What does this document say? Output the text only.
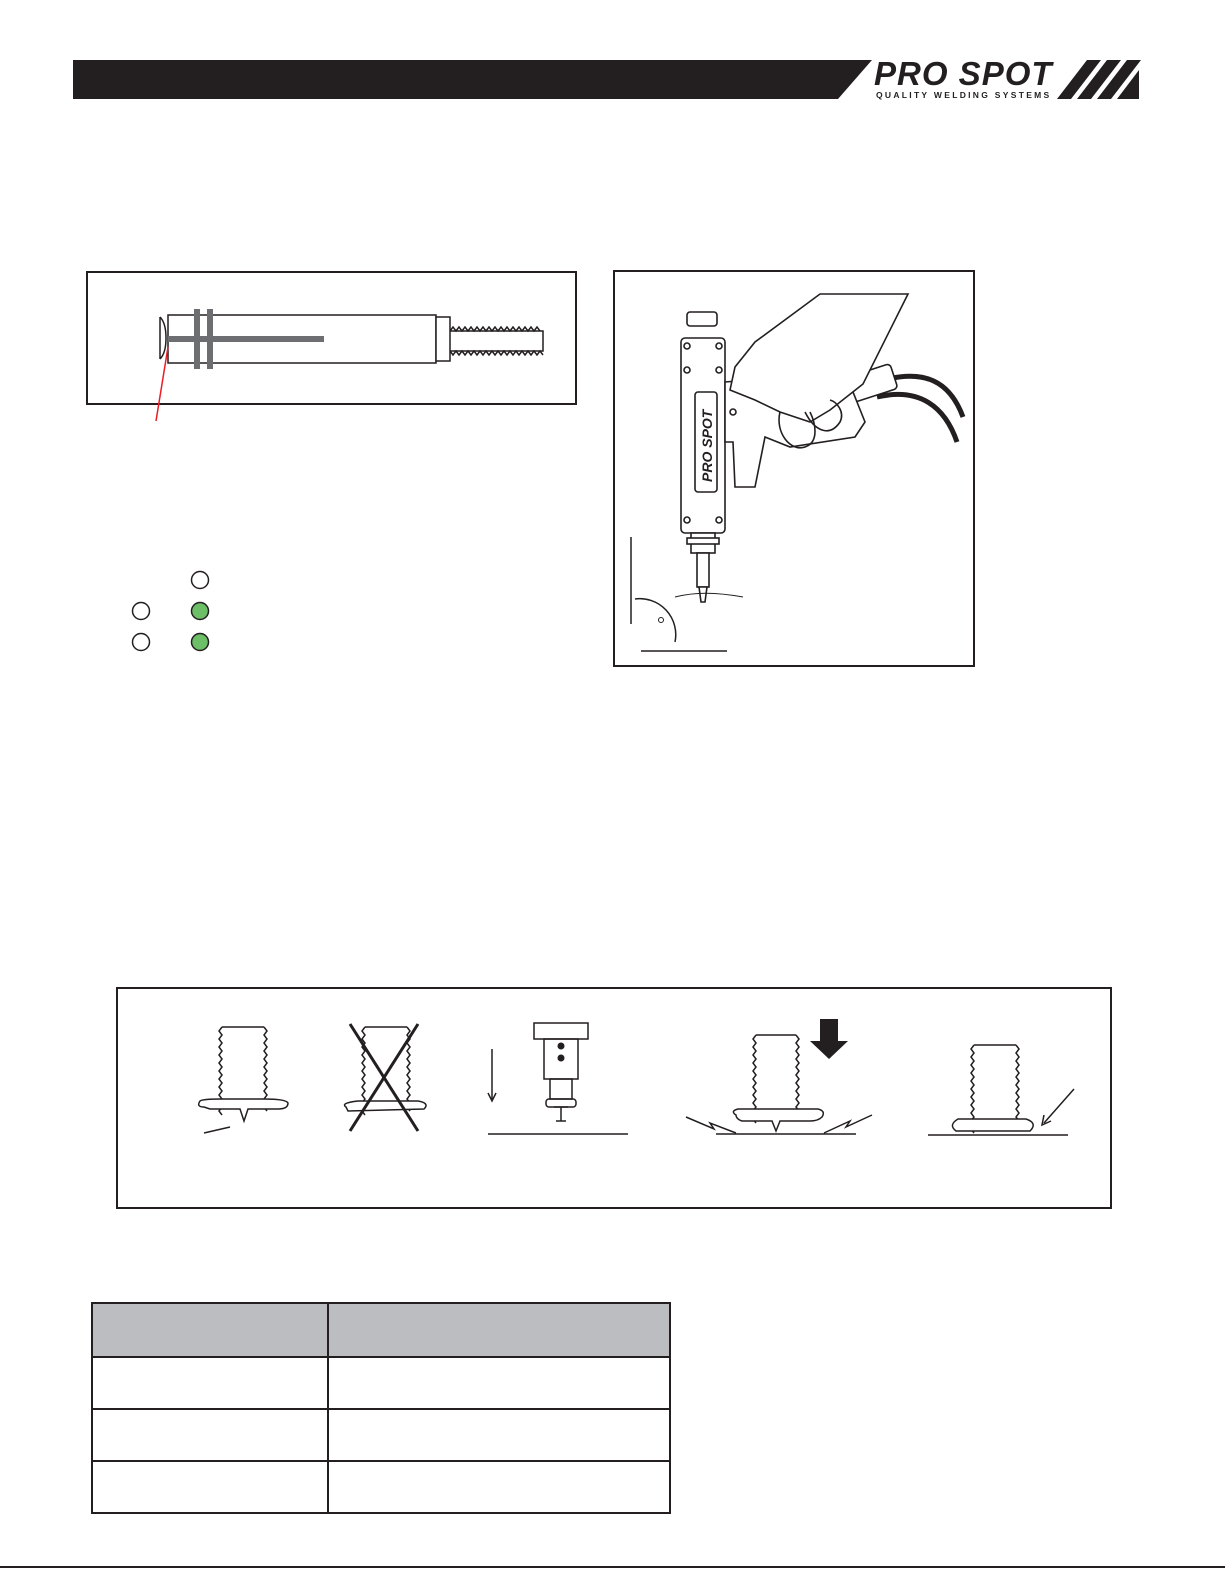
PRO SPOT
QUALITY WELDING SYSTEMS
PRO SPOT
